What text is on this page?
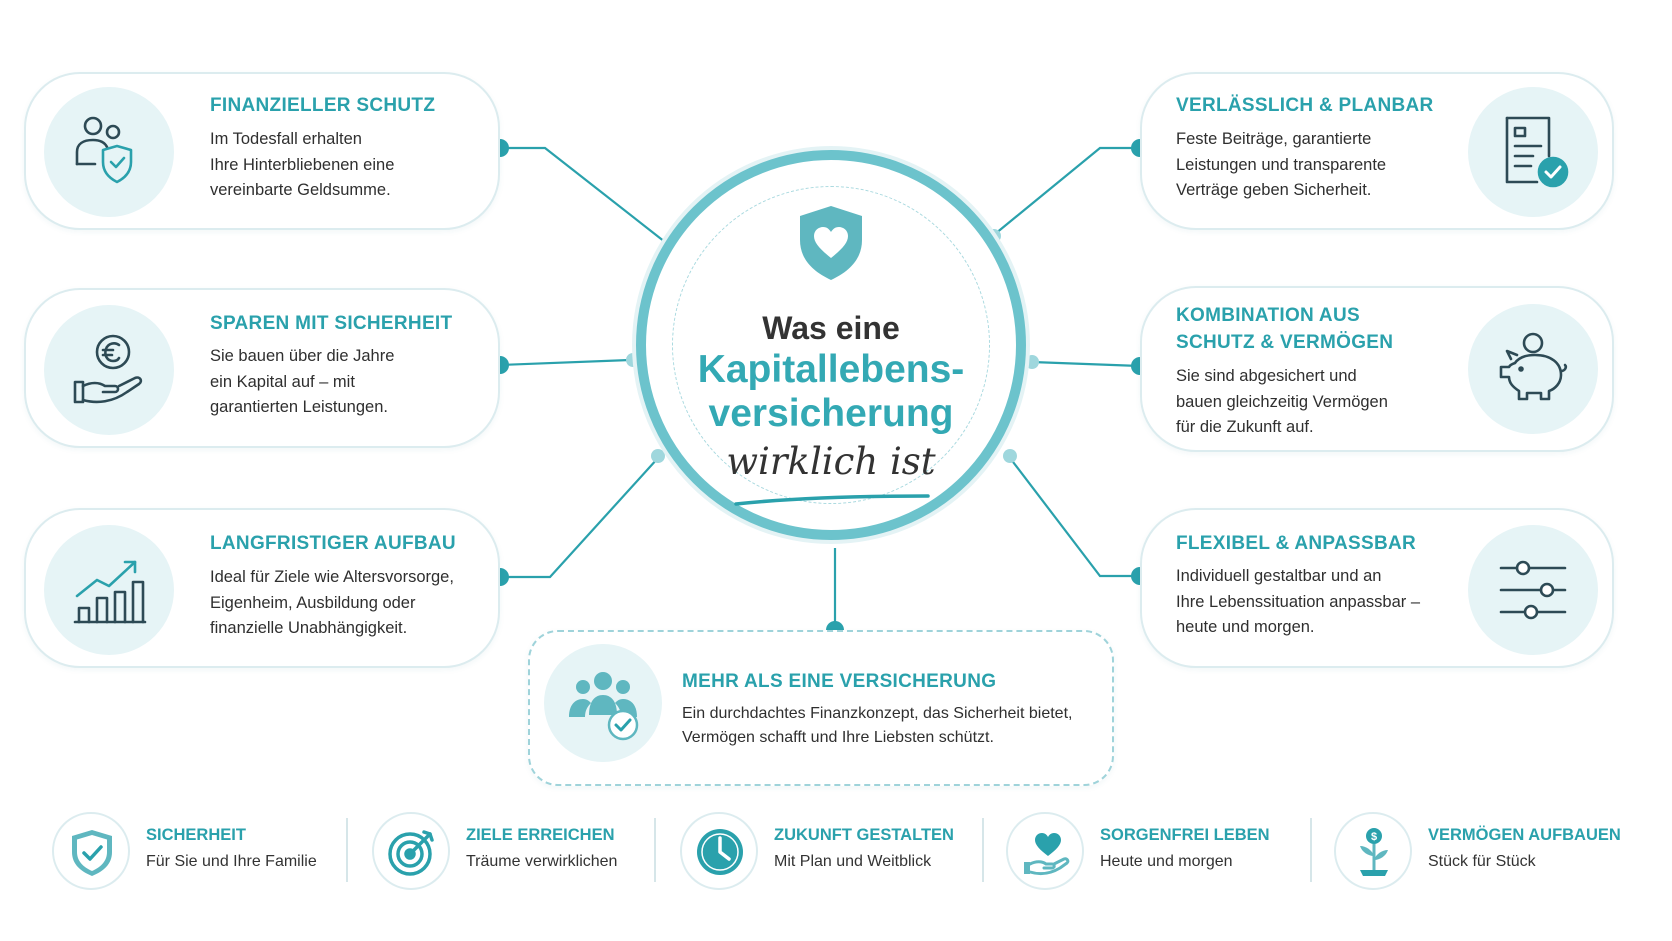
FINANZIELLER SCHUTZ
Im Todesfall erhalten
Ihre Hinterbliebenen eine
vereinbarte Geldsumme.
SPAREN MIT SICHERHEIT
Sie bauen über die Jahre
ein Kapital auf – mit
garantierten Leistungen.
LANGFRISTIGER AUFBAU
Ideal für Ziele wie Altersvorsorge,
Eigenheim, Ausbildung oder
finanzielle Unabhängigkeit.
VERLÄSSLICH & PLANBAR
Feste Beiträge, garantierte
Leistungen und transparente
Verträge geben Sicherheit.
KOMBINATION AUS
SCHUTZ & VERMÖGEN
Sie sind abgesichert und
bauen gleichzeitig Vermögen
für die Zukunft auf.
FLEXIBEL & ANPASSBAR
Individuell gestaltbar und an
Ihre Lebenssituation anpassbar –
heute und morgen.
MEHR ALS EINE VERSICHERUNG
Ein durchdachtes Finanzkonzept, das Sicherheit bietet,
Vermögen schafft und Ihre Liebsten schützt.
Was eine
Kapitallebens-
versicherung
wirklich ist
SICHERHEIT
Für Sie und Ihre Familie
ZIELE ERREICHEN
Träume verwirklichen
ZUKUNFT GESTALTEN
Mit Plan und Weitblick
SORGENFREI LEBEN
Heute und morgen
$	VERMÖGEN AUFBAUEN
Stück für Stück
